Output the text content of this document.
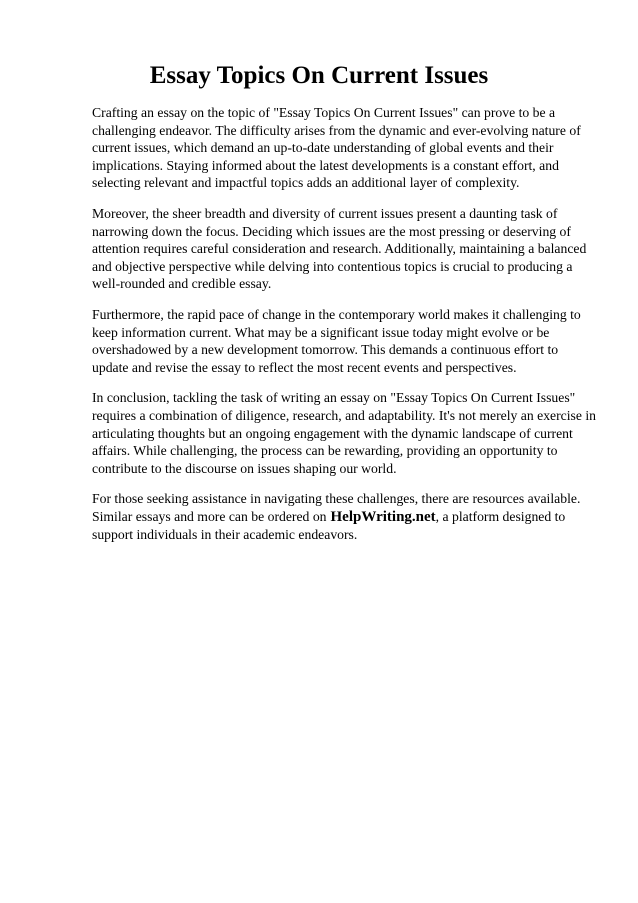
Essay Topics On Current Issues

Crafting an essay on the topic of "Essay Topics On Current Issues" can prove to be a challenging endeavor. The difficulty arises from the dynamic and ever-evolving nature of current issues, which demand an up-to-date understanding of global events and their implications. Staying informed about the latest developments is a constant effort, and selecting relevant and impactful topics adds an additional layer of complexity.

Moreover, the sheer breadth and diversity of current issues present a daunting task of narrowing down the focus. Deciding which issues are the most pressing or deserving of attention requires careful consideration and research. Additionally, maintaining a balanced and objective perspective while delving into contentious topics is crucial to producing a well-rounded and credible essay.

Furthermore, the rapid pace of change in the contemporary world makes it challenging to keep information current. What may be a significant issue today might evolve or be overshadowed by a new development tomorrow. This demands a continuous effort to update and revise the essay to reflect the most recent events and perspectives.

In conclusion, tackling the task of writing an essay on "Essay Topics On Current Issues" requires a combination of diligence, research, and adaptability. It's not merely an exercise in articulating thoughts but an ongoing engagement with the dynamic landscape of current affairs. While challenging, the process can be rewarding, providing an opportunity to contribute to the discourse on issues shaping our world.

For those seeking assistance in navigating these challenges, there are resources available. Similar essays and more can be ordered on HelpWriting.net, a platform designed to support individuals in their academic endeavors.
